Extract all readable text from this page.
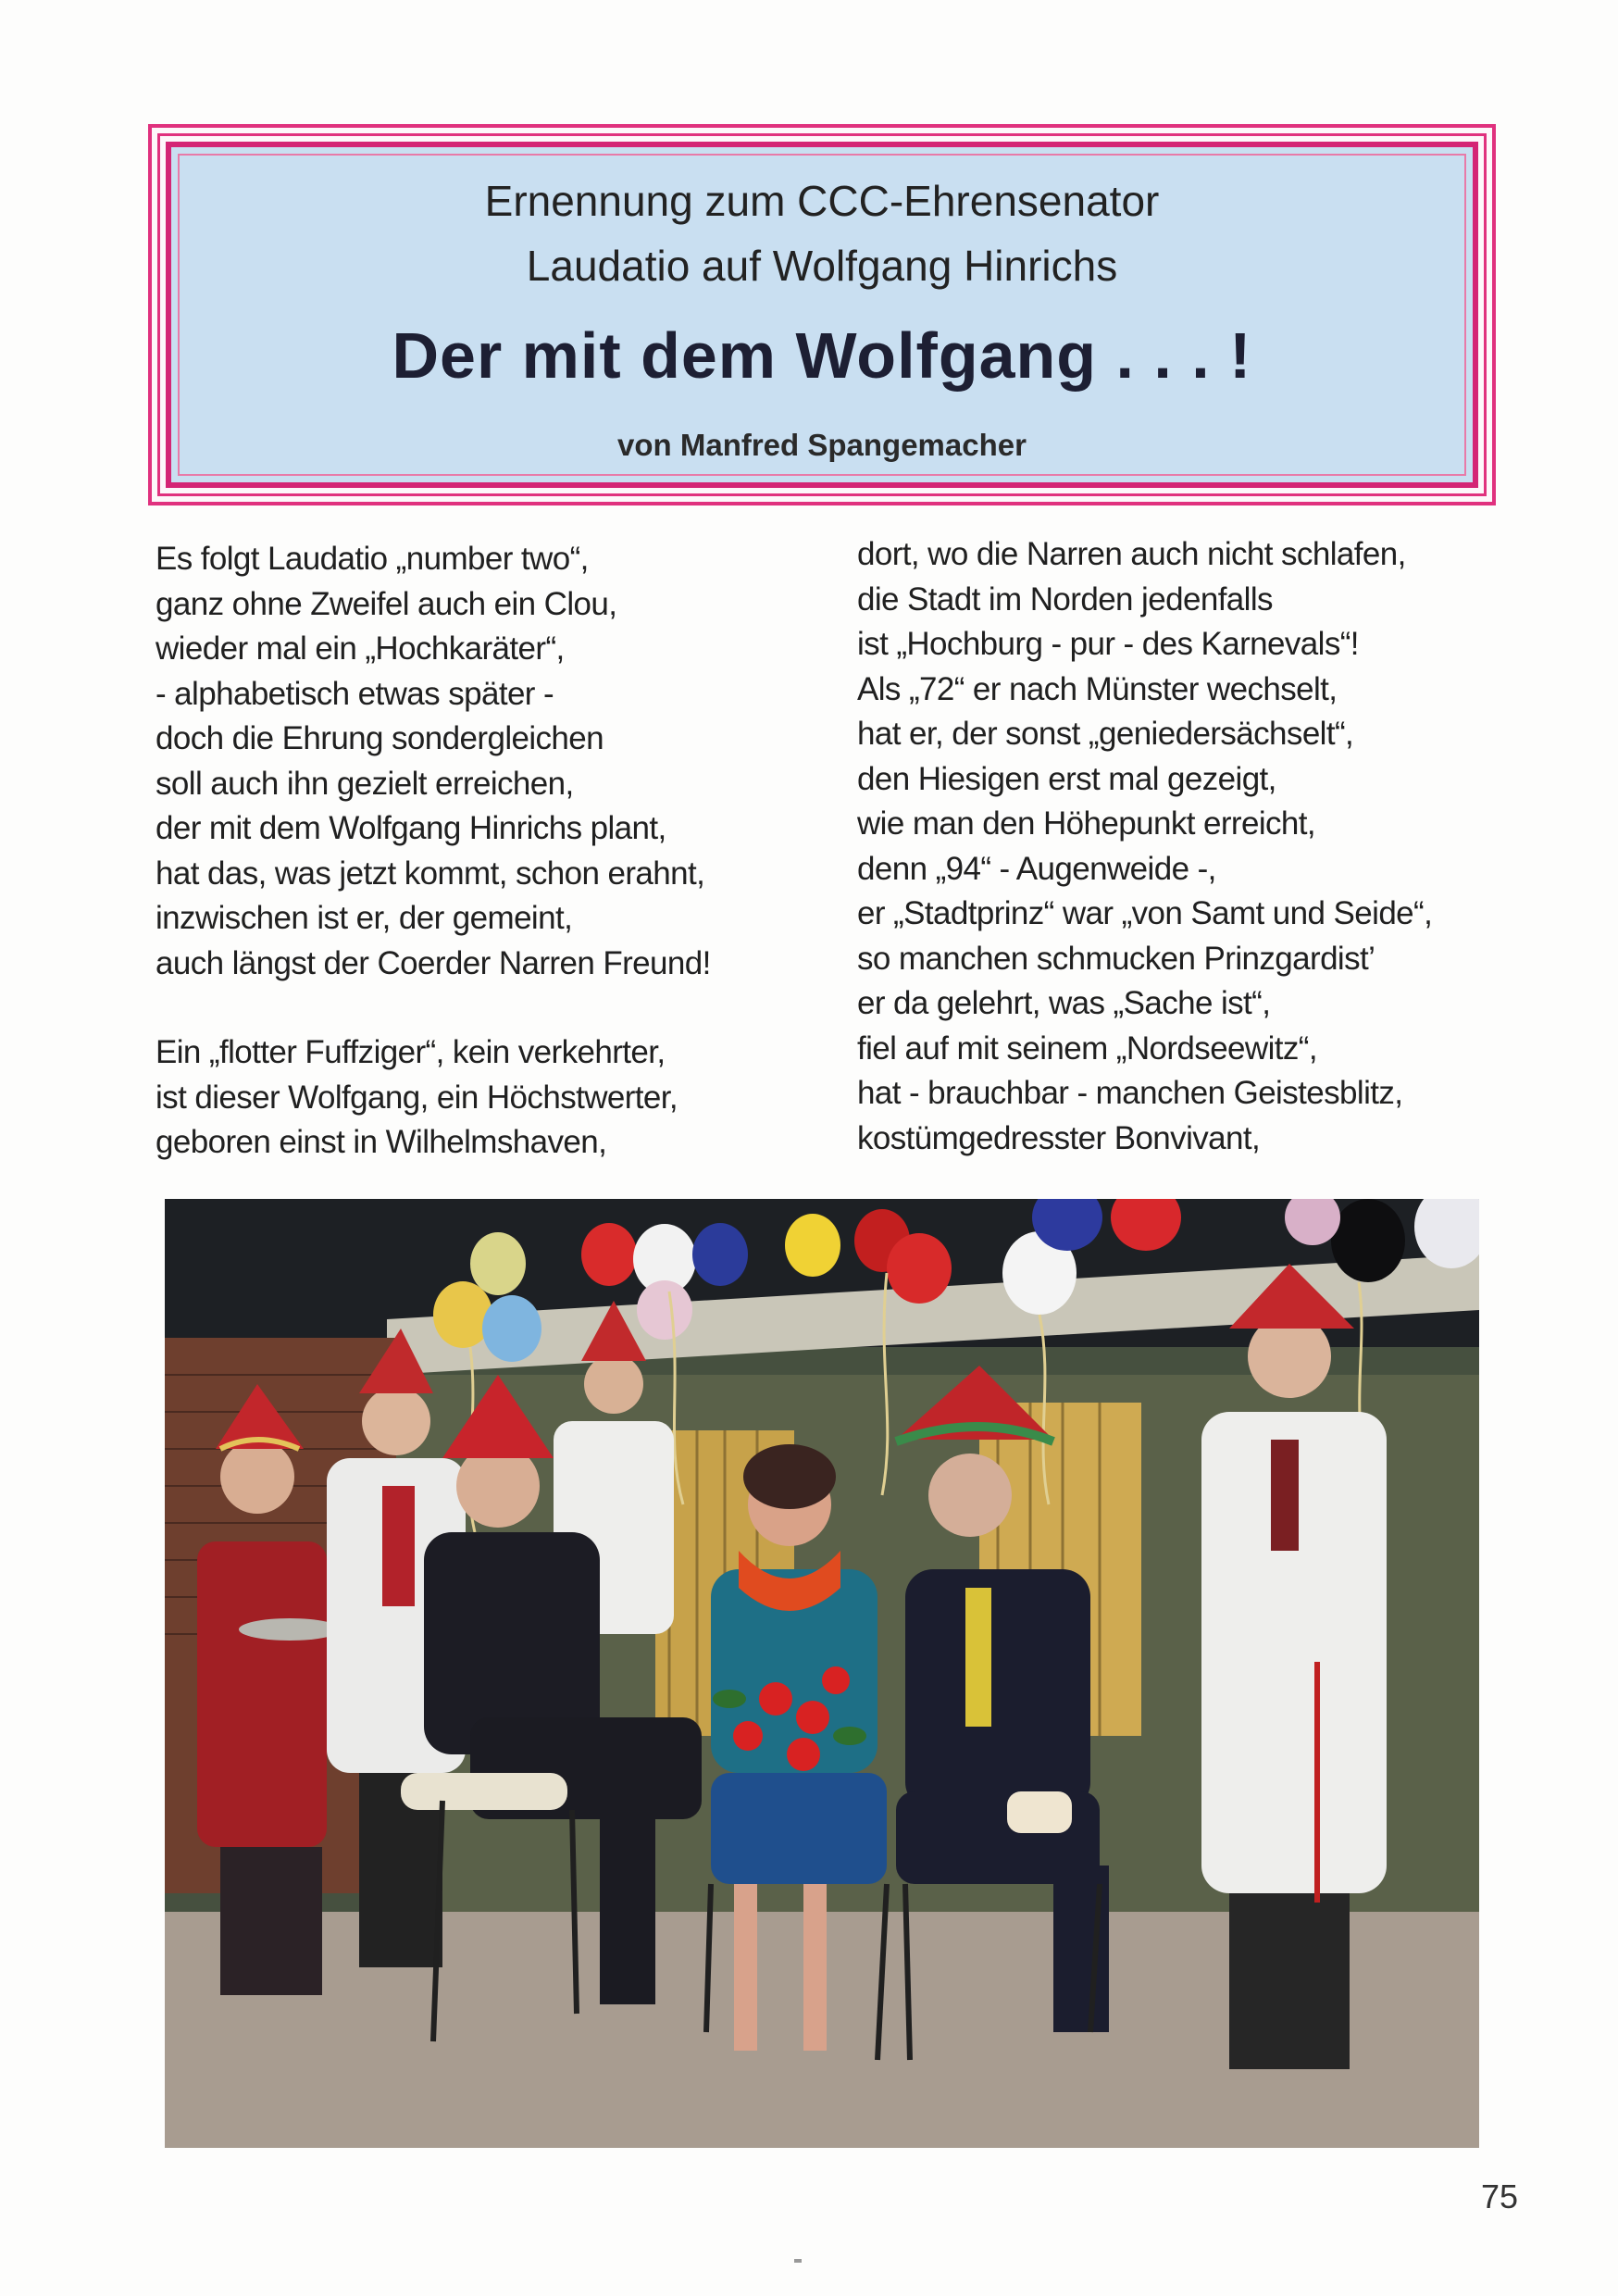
Ernennung zum CCC-Ehrensenator
Laudatio auf Wolfgang Hinrichs
Der mit dem Wolfgang . . . !
von Manfred Spangemacher
Es folgt Laudatio „number two“,
ganz ohne Zweifel auch ein Clou,
wieder mal ein „Hochkaräter“,
- alphabetisch etwas später -
doch die Ehrung sondergleichen
soll auch ihn gezielt erreichen,
der mit dem Wolfgang Hinrichs plant,
hat das, was jetzt kommt, schon erahnt,
inzwischen ist er, der gemeint,
auch längst der Coerder Narren Freund!
Ein „flotter Fuffziger“, kein verkehrter,
ist dieser Wolfgang, ein Höchstwerter,
geboren einst in Wilhelmshaven,
dort, wo die Narren auch nicht schlafen,
die Stadt im Norden jedenfalls
ist „Hochburg - pur - des Karnevals“!
Als „72“ er nach Münster wechselt,
hat er, der sonst „geniedersächselt“,
den Hiesigen erst mal gezeigt,
wie man den Höhepunkt erreicht,
denn „94“ - Augenweide -,
er „Stadtprinz“ war „von Samt und Seide“,
so manchen schmucken Prinzgardist’
er da gelehrt, was „Sache ist“,
fiel auf mit seinem „Nordseewitz“,
hat - brauchbar - manchen Geistesblitz,
kostümgedresster Bonvivant,
75
